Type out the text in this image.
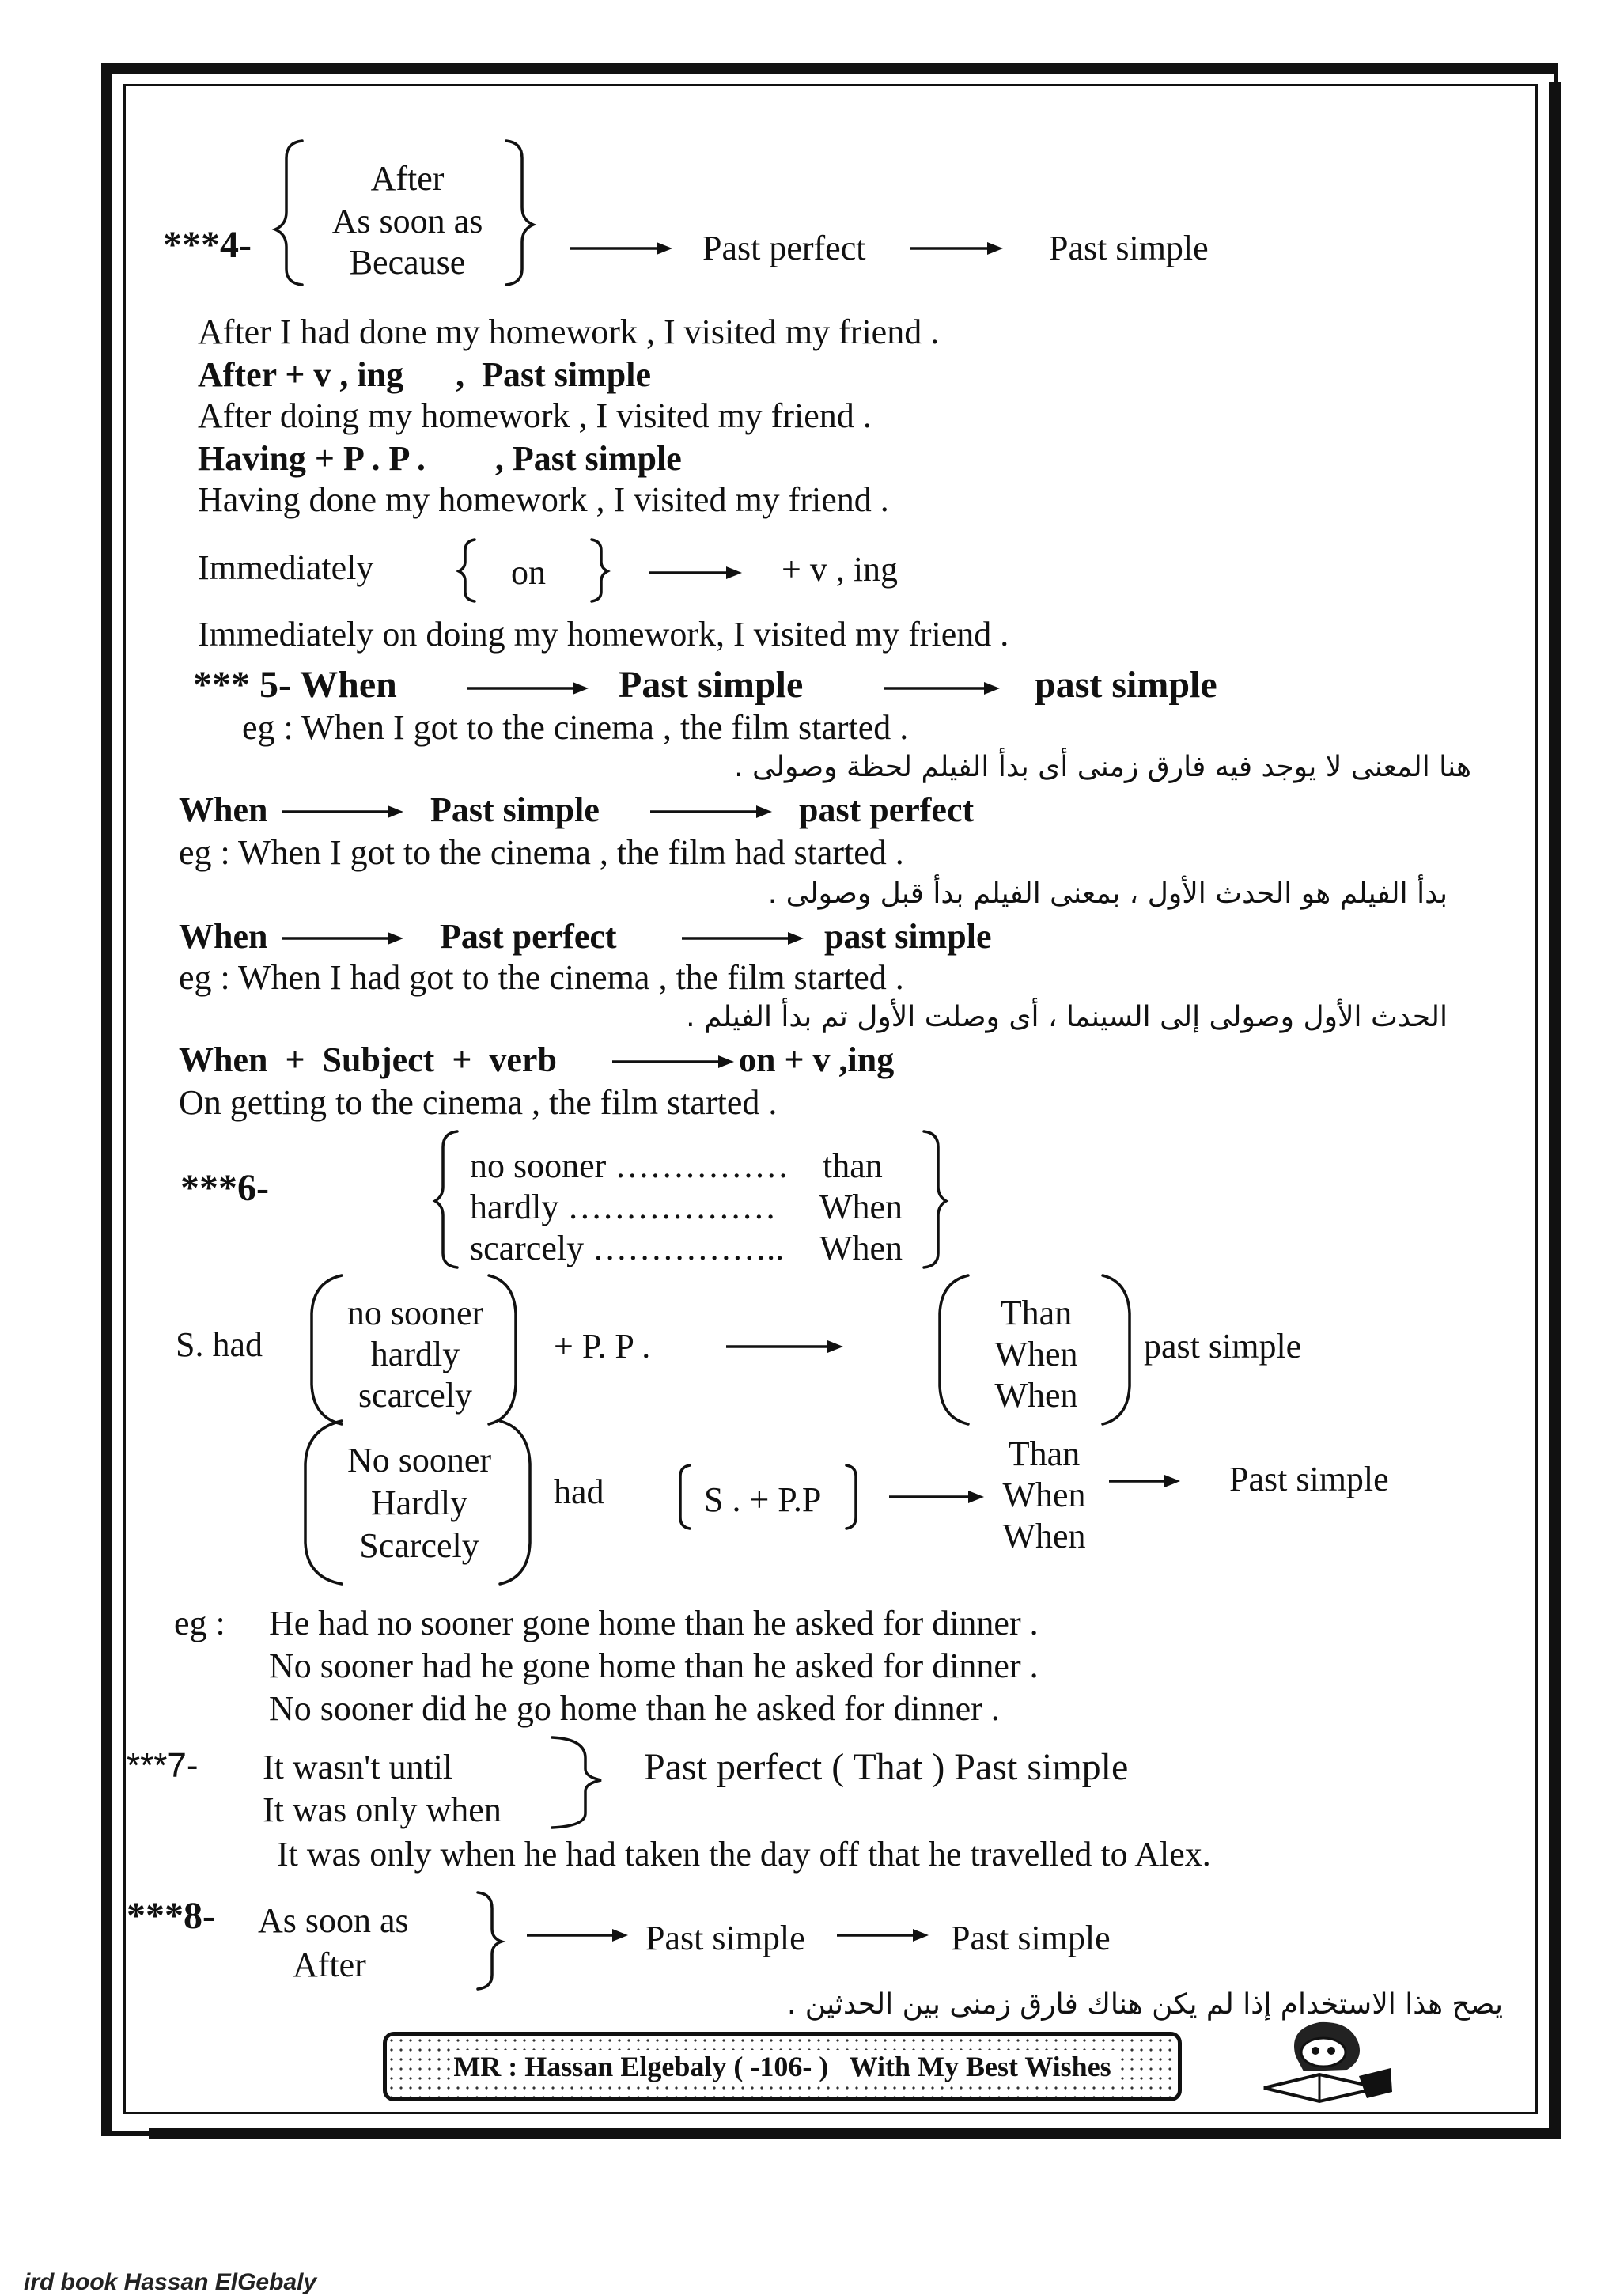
***4-
After
As soon as
Because	Past perfect	Past simple
After I had done my homework , I visited my friend .
After + v , ing      ,  Past simple
After doing my homework , I visited my friend .
Having + P . P .        , Past simple
Having done my homework , I visited my friend .
Immediately	on	+ v , ing
Immediately on doing my homework, I visited my friend .
*** 5- When	Past simple	past simple
eg : When I got to the cinema , the film started .
هنا المعنى لا يوجد فيه فارق زمنى أى بدأ الفيلم لحظة وصولى .
When	Past simple	past perfect
eg : When I got to the cinema , the film had started .
بدأ الفيلم هو الحدث الأول ، بمعنى الفيلم بدأ قبل وصولى .
When	Past perfect	past simple
eg : When I had got to the cinema , the film started .
الحدث الأول وصولى إلى السينما ، أى وصلت الأول تم بدأ الفيلم .
When  +  Subject  +  verb	on + v ,ing
On getting to the cinema , the film started .
***6-
no sooner …………… than
hardly ……………… When
scarcely …………….. When
S. had
no sooner
hardly
scarcely
+ P. P .
Than
When
When
past simple
No sooner
Hardly
Scarcely
had	S . + P.P
Than
When
When
Past simple
eg : He had no sooner gone home than he asked for dinner .
No sooner had he gone home than he asked for dinner .
No sooner did he go home than he asked for dinner .
***7- It wasn't until
It was only when
Past perfect ( That ) Past simple
It was only when he had taken the day off that he travelled to Alex.
***8- As soon as
After
Past simple	Past simple
يصح هذا الاستخدام إذا لم يكن هناك فارق زمنى بين الحدثين .
MR : Hassan Elgebaly ( -106- )   With My Best Wishes
ird book Hassan ElGebaly
